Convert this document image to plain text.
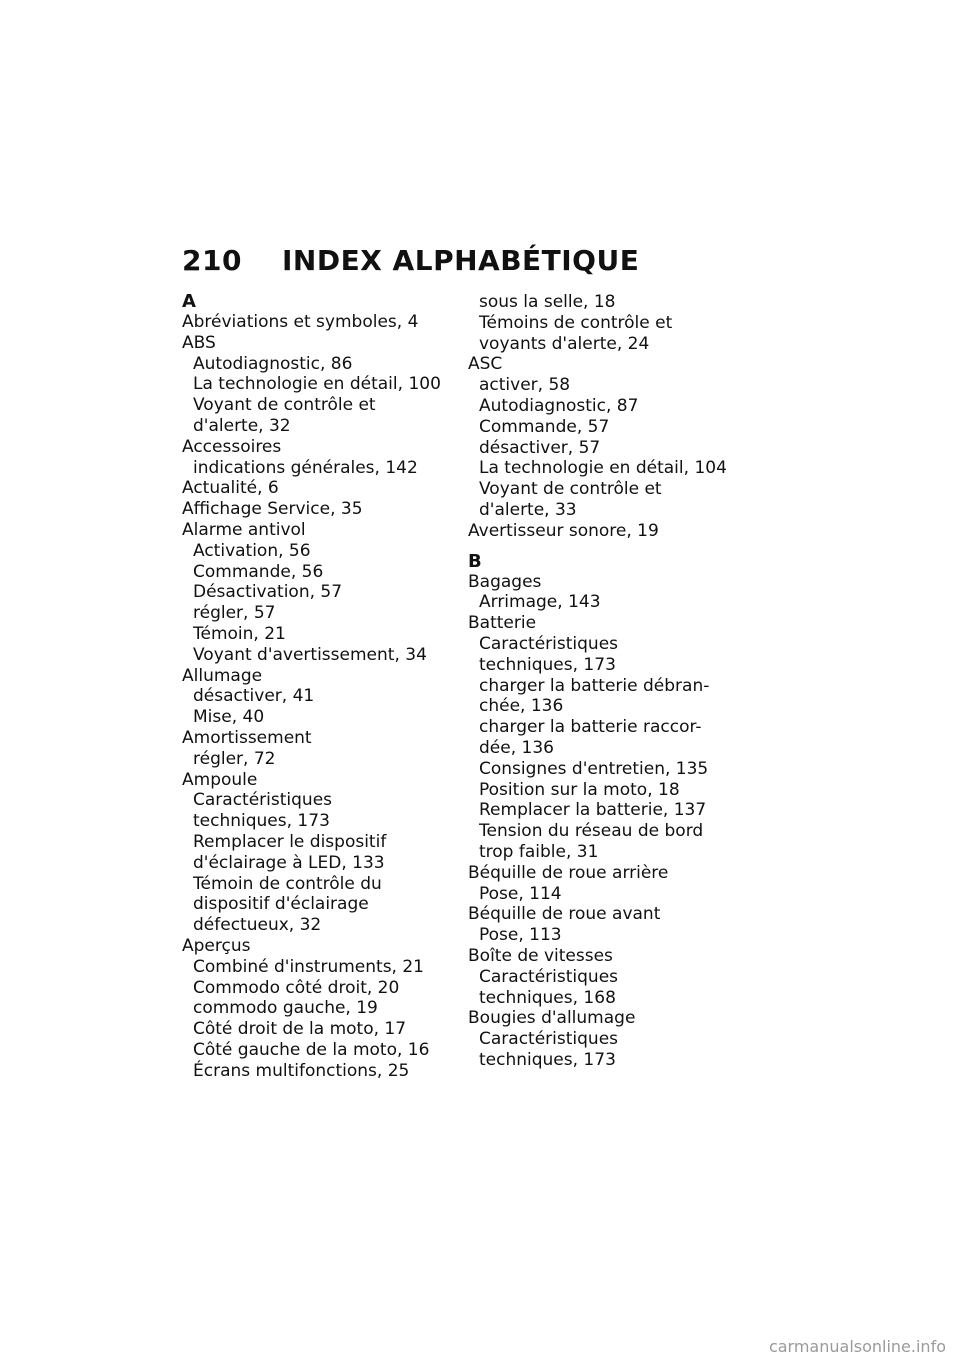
210	INDEX ALPHABÉTIQUE
A
Abréviations et symboles, 4
ABS
Autodiagnostic, 86
La technologie en détail, 100
Voyant de contrôle et
d'alerte, 32
Accessoires
indications générales, 142
Actualité, 6
Affichage Service, 35
Alarme antivol
Activation, 56
Commande, 56
Désactivation, 57
régler, 57
Témoin, 21
Voyant d'avertissement, 34
Allumage
désactiver, 41
Mise, 40
Amortissement
régler, 72
Ampoule
Caractéristiques
techniques, 173
Remplacer le dispositif
d'éclairage à LED, 133
Témoin de contrôle du
dispositif d'éclairage
défectueux, 32
Aperçus
Combiné d'instruments, 21
Commodo côté droit, 20
commodo gauche, 19
Côté droit de la moto, 17
Côté gauche de la moto, 16
Écrans multifonctions, 25
sous la selle, 18
Témoins de contrôle et
voyants d'alerte, 24
ASC
activer, 58
Autodiagnostic, 87
Commande, 57
désactiver, 57
La technologie en détail, 104
Voyant de contrôle et
d'alerte, 33
Avertisseur sonore, 19
B
Bagages
Arrimage, 143
Batterie
Caractéristiques
techniques, 173
charger la batterie débran-
chée, 136
charger la batterie raccor-
dée, 136
Consignes d'entretien, 135
Position sur la moto, 18
Remplacer la batterie, 137
Tension du réseau de bord
trop faible, 31
Béquille de roue arrière
Pose, 114
Béquille de roue avant
Pose, 113
Boîte de vitesses
Caractéristiques
techniques, 168
Bougies d'allumage
Caractéristiques
techniques, 173
carmanualsonline.info
